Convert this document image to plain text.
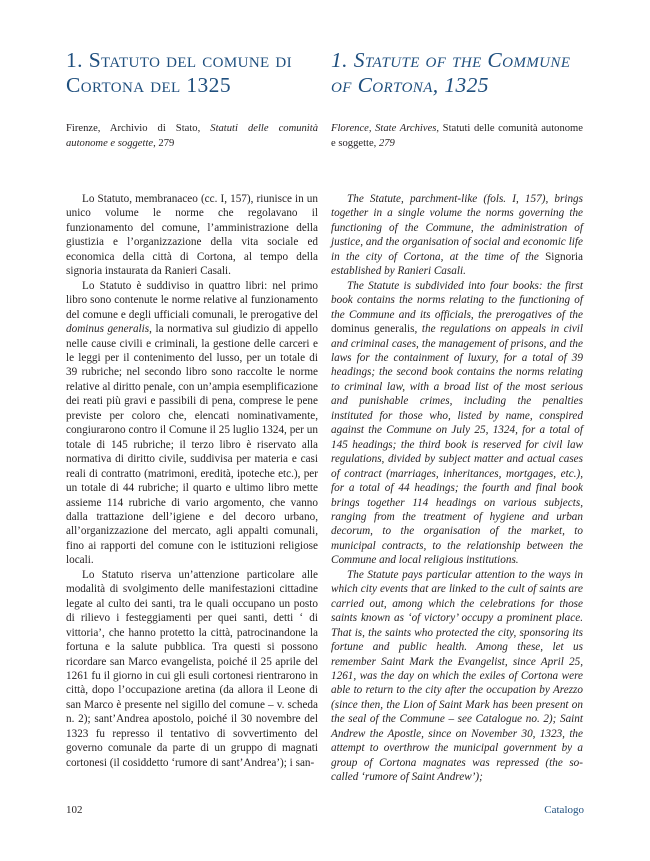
1. Statuto del comune di Cortona del 1325

Firenze, Archivio di Stato, Statuti delle comunità autonome e soggette, 279

Lo Statuto, membranaceo (cc. I, 157), riunisce in un unico volume le norme che regolavano il funzionamento del comune, l’amministrazione della giustizia e l’organizzazione della vita sociale ed economica della città di Cortona, al tempo della signoria instaurata da Ranieri Casali.

Lo Statuto è suddiviso in quattro libri: nel primo libro sono contenute le norme relative al funzionamento del comune e degli ufficiali comunali, le prerogative del dominus generalis, la normativa sul giudizio di appello nelle cause civili e criminali, la gestione delle carceri e le leggi per il contenimento del lusso, per un totale di 39 rubriche; nel secondo libro sono raccolte le norme relative al diritto penale, con un’ampia esemplificazione dei reati più gravi e passibili di pena, comprese le pene previste per coloro che, elencati nominativamente, congiurarono contro il Comune il 25 luglio 1324, per un totale di 145 rubriche; il terzo libro è riservato alla normativa di diritto civile, suddivisa per materia e casi reali di contratto (matrimoni, eredità, ipoteche etc.), per un totale di 44 rubriche; il quarto e ultimo libro mette assieme 114 rubriche di vario argomento, che vanno dalla trattazione dell’igiene e del decoro urbano, all’organizzazione del mercato, agli appalti comunali, fino ai rapporti del comune con le istituzioni religiose locali.

Lo Statuto riserva un’attenzione particolare alle modalità di svolgimento delle manifestazioni cittadine legate al culto dei santi, tra le quali occupano un posto di rilievo i festeggiamenti per quei santi, detti ‘ di vittoria’, che hanno protetto la città, patrocinandone la fortuna e la salute pubblica. Tra questi si possono ricordare san Marco evangelista, poiché il 25 aprile del 1261 fu il giorno in cui gli esuli cortonesi rientrarono in città, dopo l’occupazione aretina (da allora il Leone di san Marco è presente nel sigillo del comune – v. scheda n. 2); sant’Andrea apostolo, poiché il 30 novembre del 1323 fu represso il tentativo di sovvertimento del governo comunale da parte di un gruppo di magnati cortonesi (il cosiddetto ‘rumore di sant’Andrea’); i san-

1. Statute of the Commune of Cortona, 1325

Florence, State Archives, Statuti delle comunità autonome e soggette, 279

The Statute, parchment-like (fols. I, 157), brings together in a single volume the norms governing the functioning of the Commune, the administration of justice, and the organisation of social and economic life in the city of Cortona, at the time of the Signoria established by Ranieri Casali.

The Statute is subdivided into four books: the first book contains the norms relating to the functioning of the Commune and its officials, the prerogatives of the dominus generalis, the regulations on appeals in civil and criminal cases, the management of prisons, and the laws for the containment of luxury, for a total of 39 headings; the second book contains the norms relating to criminal law, with a broad list of the most serious and punishable crimes, including the penalties instituted for those who, listed by name, conspired against the Commune on July 25, 1324, for a total of 145 headings; the third book is reserved for civil law regulations, divided by subject matter and actual cases of contract (marriages, inheritances, mortgages, etc.), for a total of 44 headings; the fourth and final book brings together 114 headings on various subjects, ranging from the treatment of hygiene and urban decorum, to the organisation of the market, to municipal contracts, to the relationship between the Commune and local religious institutions.

The Statute pays particular attention to the ways in which city events that are linked to the cult of saints are carried out, among which the celebrations for those saints known as ‘of victory’ occupy a prominent place. That is, the saints who protected the city, sponsoring its fortune and public health. Among these, let us remember Saint Mark the Evangelist, since April 25, 1261, was the day on which the exiles of Cortona were able to return to the city after the occupation by Arezzo (since then, the Lion of Saint Mark has been present on the seal of the Commune – see Catalogue no. 2); Saint Andrew the Apostle, since on November 30, 1323, the attempt to overthrow the municipal government by a group of Cortona magnates was repressed (the so-called ‘rumore of Saint Andrew’);

102	Catalogo
